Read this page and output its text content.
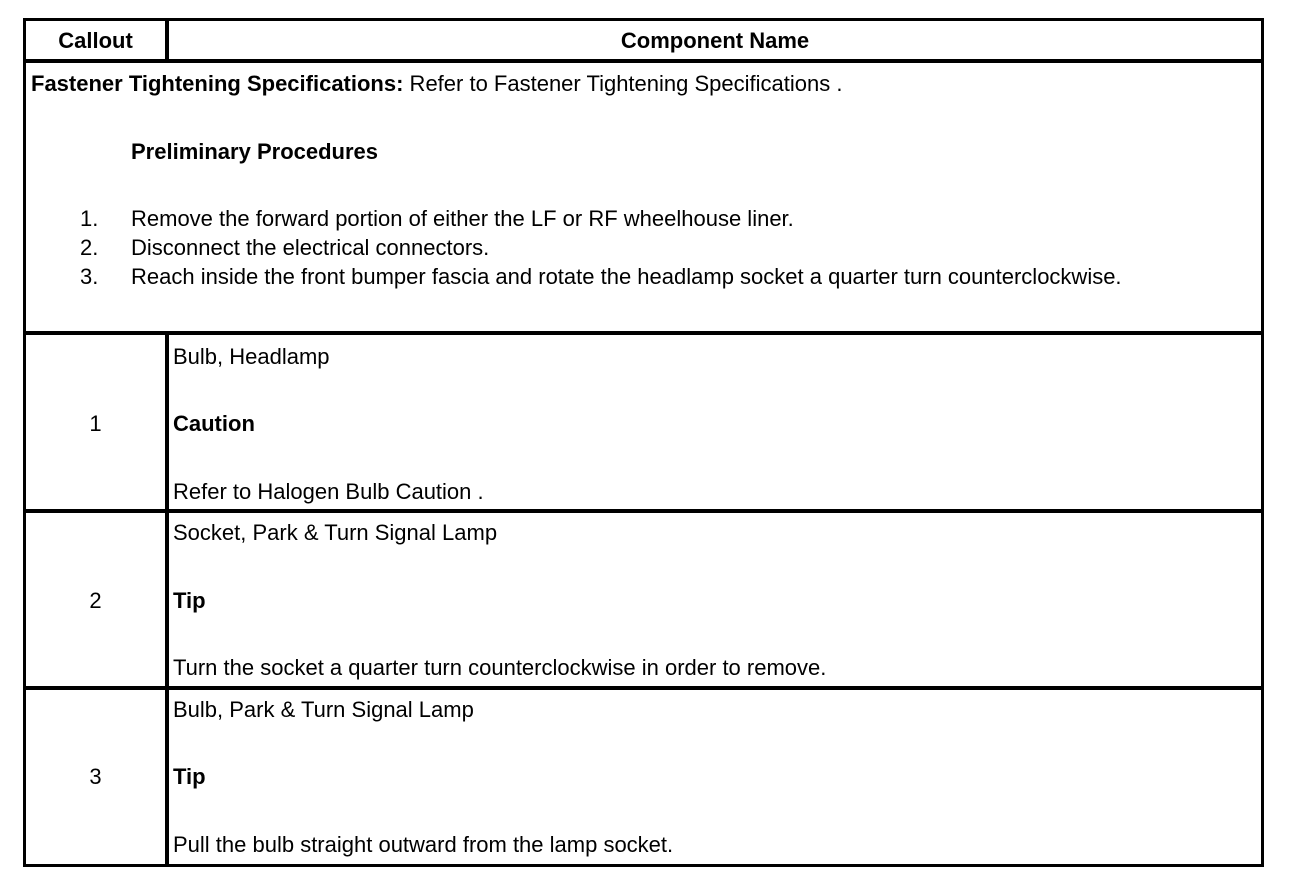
Callout	Component Name
Fastener Tightening Specifications: Refer to Fastener Tightening Specifications .
Preliminary Procedures
1. Remove the forward portion of either the LF or RF wheelhouse liner.
2. Disconnect the electrical connectors.
3. Reach inside the front bumper fascia and rotate the headlamp socket a quarter turn counterclockwise.
1
Bulb, Headlamp
Caution
Refer to Halogen Bulb Caution .
2
Socket, Park & Turn Signal Lamp
Tip
Turn the socket a quarter turn counterclockwise in order to remove.
3
Bulb, Park & Turn Signal Lamp
Tip
Pull the bulb straight outward from the lamp socket.
